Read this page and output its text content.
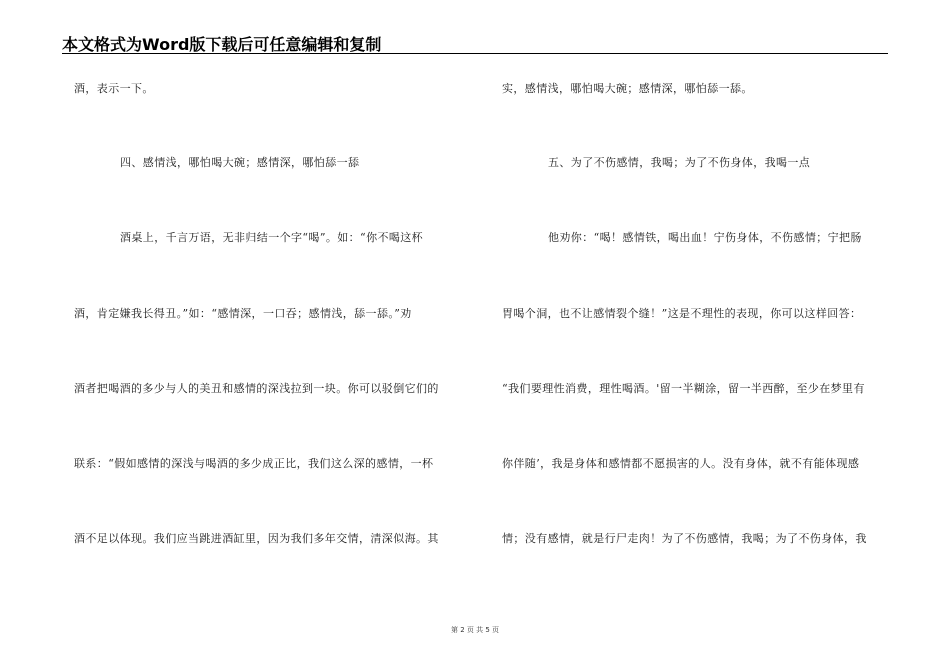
本文格式为Word版下载后可任意编辑和复制
酒，表示一下。
四、感情浅，哪怕喝大碗；感情深，哪怕舔一舔
酒桌上，千言万语，无非归结一个字“喝”。如：“你不喝这杯
酒，肯定嫌我长得丑。”如：“感情深，一口吞；感情浅，舔一舔。”劝
酒者把喝酒的多少与人的美丑和感情的深浅拉到一块。你可以驳倒它们的
联系：“假如感情的深浅与喝酒的多少成正比，我们这么深的感情，一杯
酒不足以体现。我们应当跳进酒缸里，因为我们多年交情，清深似海。其
实，感情浅，哪怕喝大碗；感情深，哪怕舔一舔。
五、为了不伤感情，我喝；为了不伤身体，我喝一点
他劝你：“喝！感情铁，喝出血！宁伤身体，不伤感情；宁把肠
胃喝个洞，也不让感情裂个缝！”这是不理性的表现，你可以这样回答：
“我们要理性消费，理性喝酒。'留一半糊涂，留一半西醉，至少在梦里有
你伴随’，我是身体和感情都不愿损害的人。没有身体，就不有能体现感
情；没有感情，就是行尸走肉！为了不伤感情，我喝；为了不伤身体，我
第 2 页 共 5 页
